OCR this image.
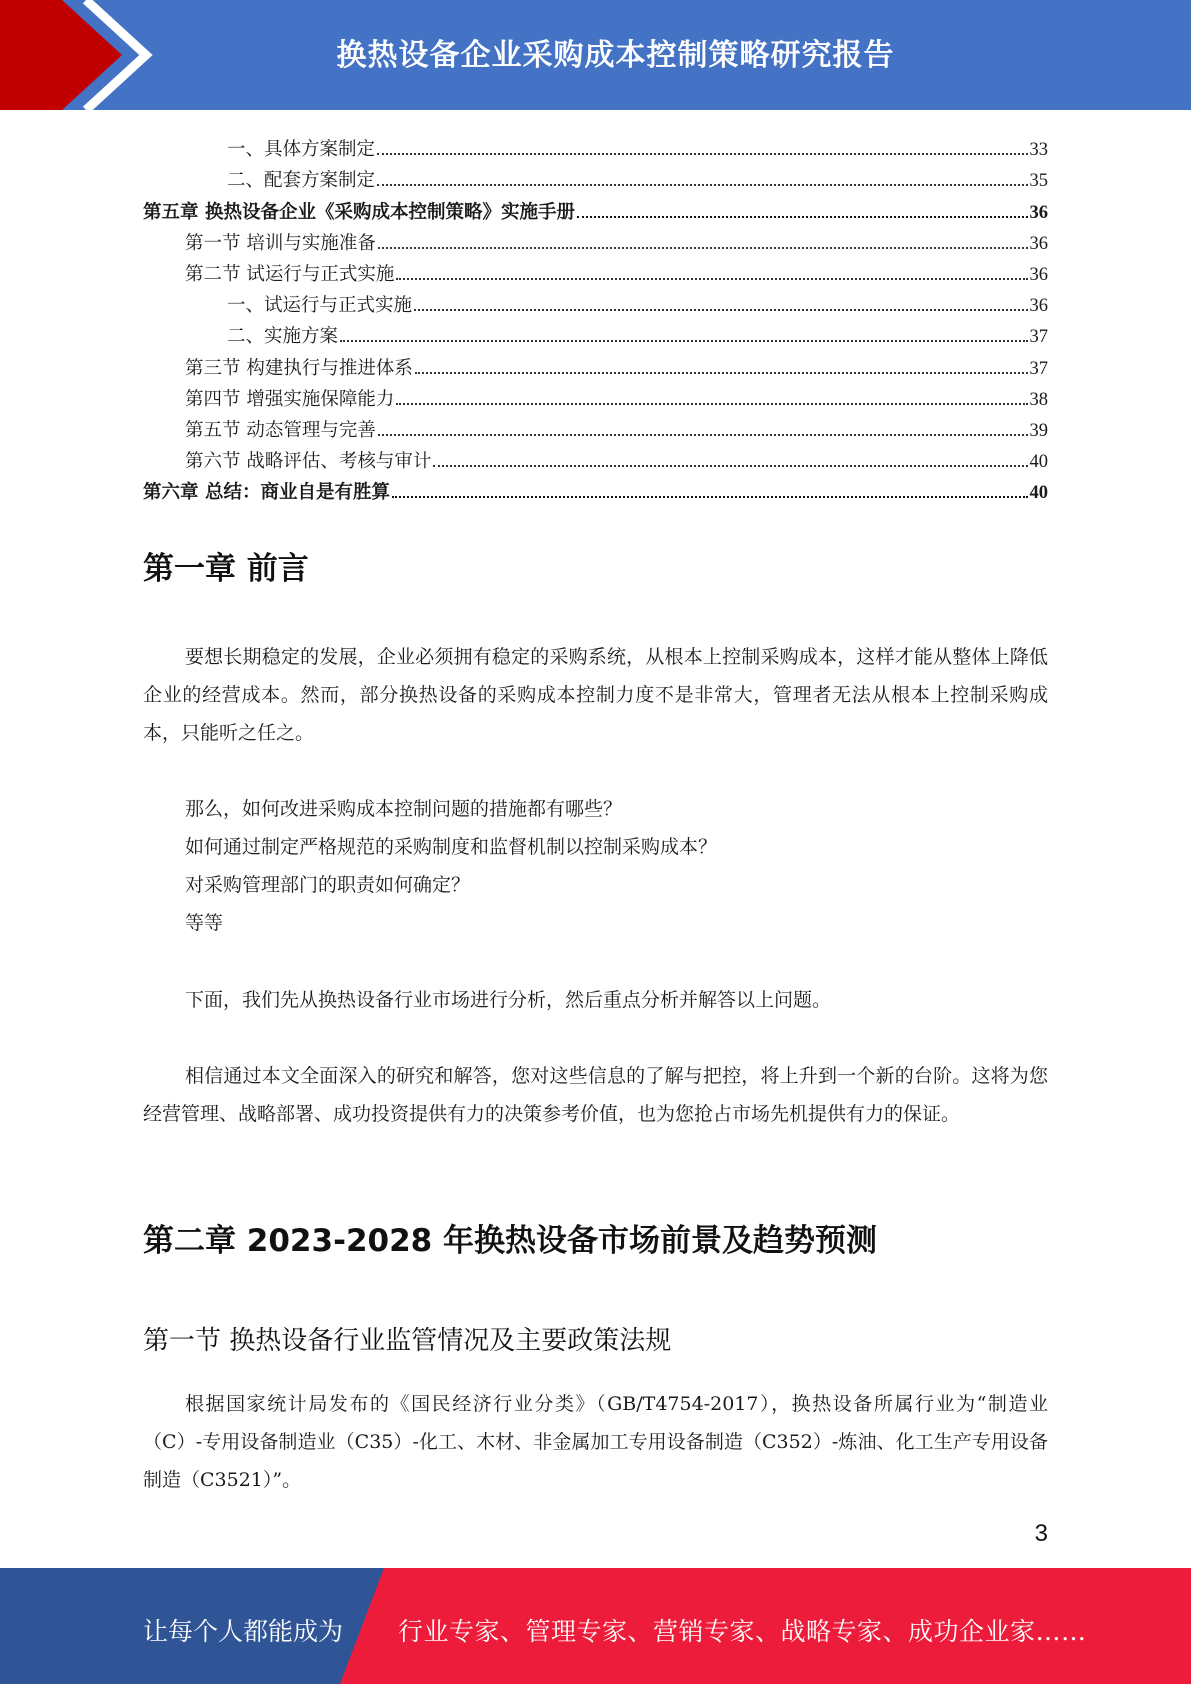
换热设备企业采购成本控制策略研究报告
一、具体方案制定	33
二、配套方案制定	35
第五章 换热设备企业《采购成本控制策略》实施手册	36
第一节 培训与实施准备	36
第二节 试运行与正式实施	36
一、试运行与正式实施	36
二、实施方案	37
第三节 构建执行与推进体系	37
第四节 增强实施保障能力	38
第五节 动态管理与完善	39
第六节 战略评估、考核与审计	40
第六章 总结：商业自是有胜算	40
第一章 前言
要想长期稳定的发展，企业必须拥有稳定的采购系统，从根本上控制采购成本，这样才能从整体上降低企业的经营成本。然而，部分换热设备的采购成本控制力度不是非常大，管理者无法从根本上控制采购成本，只能听之任之。
那么，如何改进采购成本控制问题的措施都有哪些？
如何通过制定严格规范的采购制度和监督机制以控制采购成本？
对采购管理部门的职责如何确定？
等等
下面，我们先从换热设备行业市场进行分析，然后重点分析并解答以上问题。
相信通过本文全面深入的研究和解答，您对这些信息的了解与把控，将上升到一个新的台阶。这将为您经营管理、战略部署、成功投资提供有力的决策参考价值，也为您抢占市场先机提供有力的保证。
第二章 2023-2028 年换热设备市场前景及趋势预测
第一节 换热设备行业监管情况及主要政策法规
根据国家统计局发布的《国民经济行业分类》（GB/T4754-2017），换热设备所属行业为“制造业（C）-专用设备制造业（C35）-化工、木材、非金属加工专用设备制造（C352）-炼油、化工生产专用设备制造（C3521）”。
3
让每个人都能成为 行业专家、管理专家、营销专家、战略专家、成功企业家……
